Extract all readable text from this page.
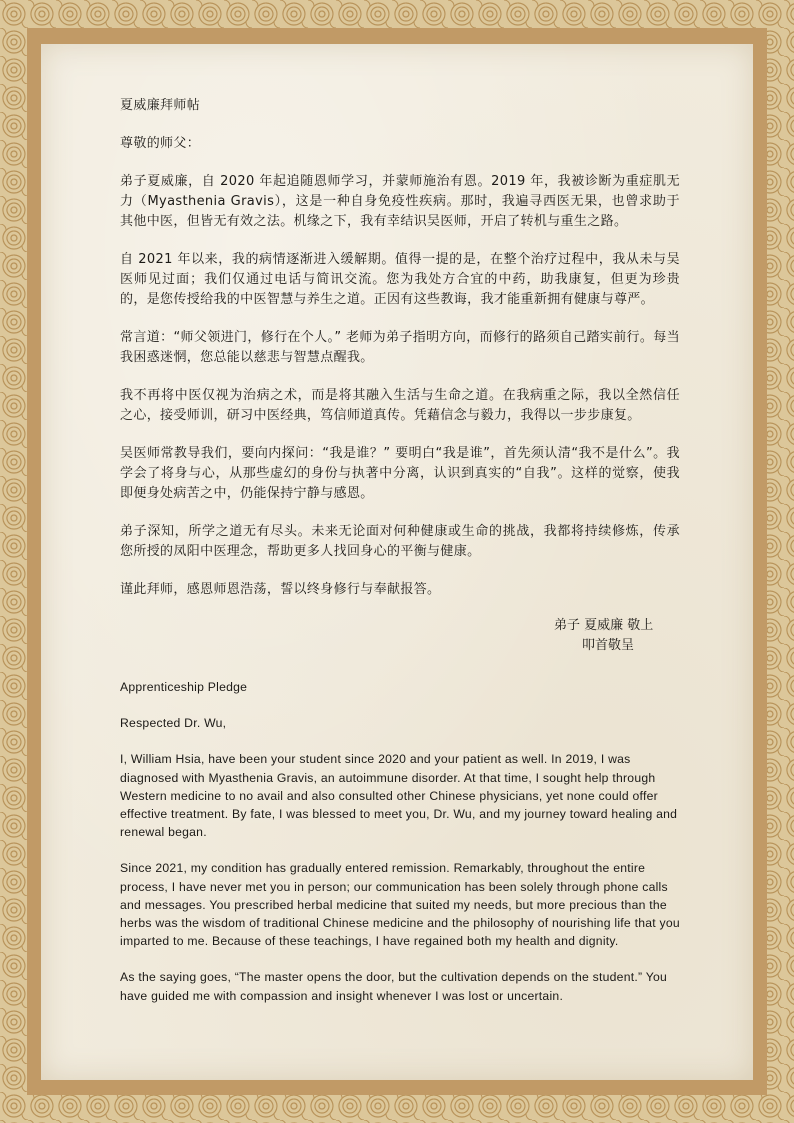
夏威廉拜师帖

尊敬的师父：

弟子夏威廉，自 2020 年起追随恩师学习，并蒙师施治有恩。2019 年，我被诊断为重症肌无力（Myasthenia Gravis），这是一种自身免疫性疾病。那时，我遍寻西医无果，也曾求助于其他中医，但皆无有效之法。机缘之下，我有幸结识吴医师，开启了转机与重生之路。

自 2021 年以来，我的病情逐渐进入缓解期。值得一提的是，在整个治疗过程中，我从未与吴医师见过面；我们仅通过电话与简讯交流。您为我处方合宜的中药，助我康复，但更为珍贵的，是您传授给我的中医智慧与养生之道。正因有这些教诲，我才能重新拥有健康与尊严。

常言道：“师父领进门，修行在个人。” 老师为弟子指明方向，而修行的路须自己踏实前行。每当我困惑迷惘，您总能以慈悲与智慧点醒我。

我不再将中医仅视为治病之术，而是将其融入生活与生命之道。在我病重之际，我以全然信任之心，接受师训，研习中医经典，笃信师道真传。凭藉信念与毅力，我得以一步步康复。

吴医师常教导我们，要向内探问：“我是谁？” 要明白“我是谁”，首先须认清“我不是什么”。我学会了将身与心，从那些虚幻的身份与执著中分离，认识到真实的“自我”。这样的觉察，使我即便身处病苦之中，仍能保持宁静与感恩。

弟子深知，所学之道无有尽头。未来无论面对何种健康或生命的挑战，我都将持续修炼，传承您所授的凤阳中医理念，帮助更多人找回身心的平衡与健康。

谨此拜师，感恩师恩浩荡，誓以终身修行与奉献报答。

弟子 夏威廉 敬上

叩首敬呈

Apprenticeship Pledge

Respected Dr. Wu,

I, William Hsia, have been your student since 2020 and your patient as well. In 2019, I was diagnosed with Myasthenia Gravis, an autoimmune disorder. At that time, I sought help through Western medicine to no avail and also consulted other Chinese physicians, yet none could offer effective treatment. By fate, I was blessed to meet you, Dr. Wu, and my journey toward healing and renewal began.

Since 2021, my condition has gradually entered remission. Remarkably, throughout the entire process, I have never met you in person; our communication has been solely through phone calls and messages. You prescribed herbal medicine that suited my needs, but more precious than the herbs was the wisdom of traditional Chinese medicine and the philosophy of nourishing life that you imparted to me. Because of these teachings, I have regained both my health and dignity.

As the saying goes, “The master opens the door, but the cultivation depends on the student.” You have guided me with compassion and insight whenever I was lost or uncertain.
